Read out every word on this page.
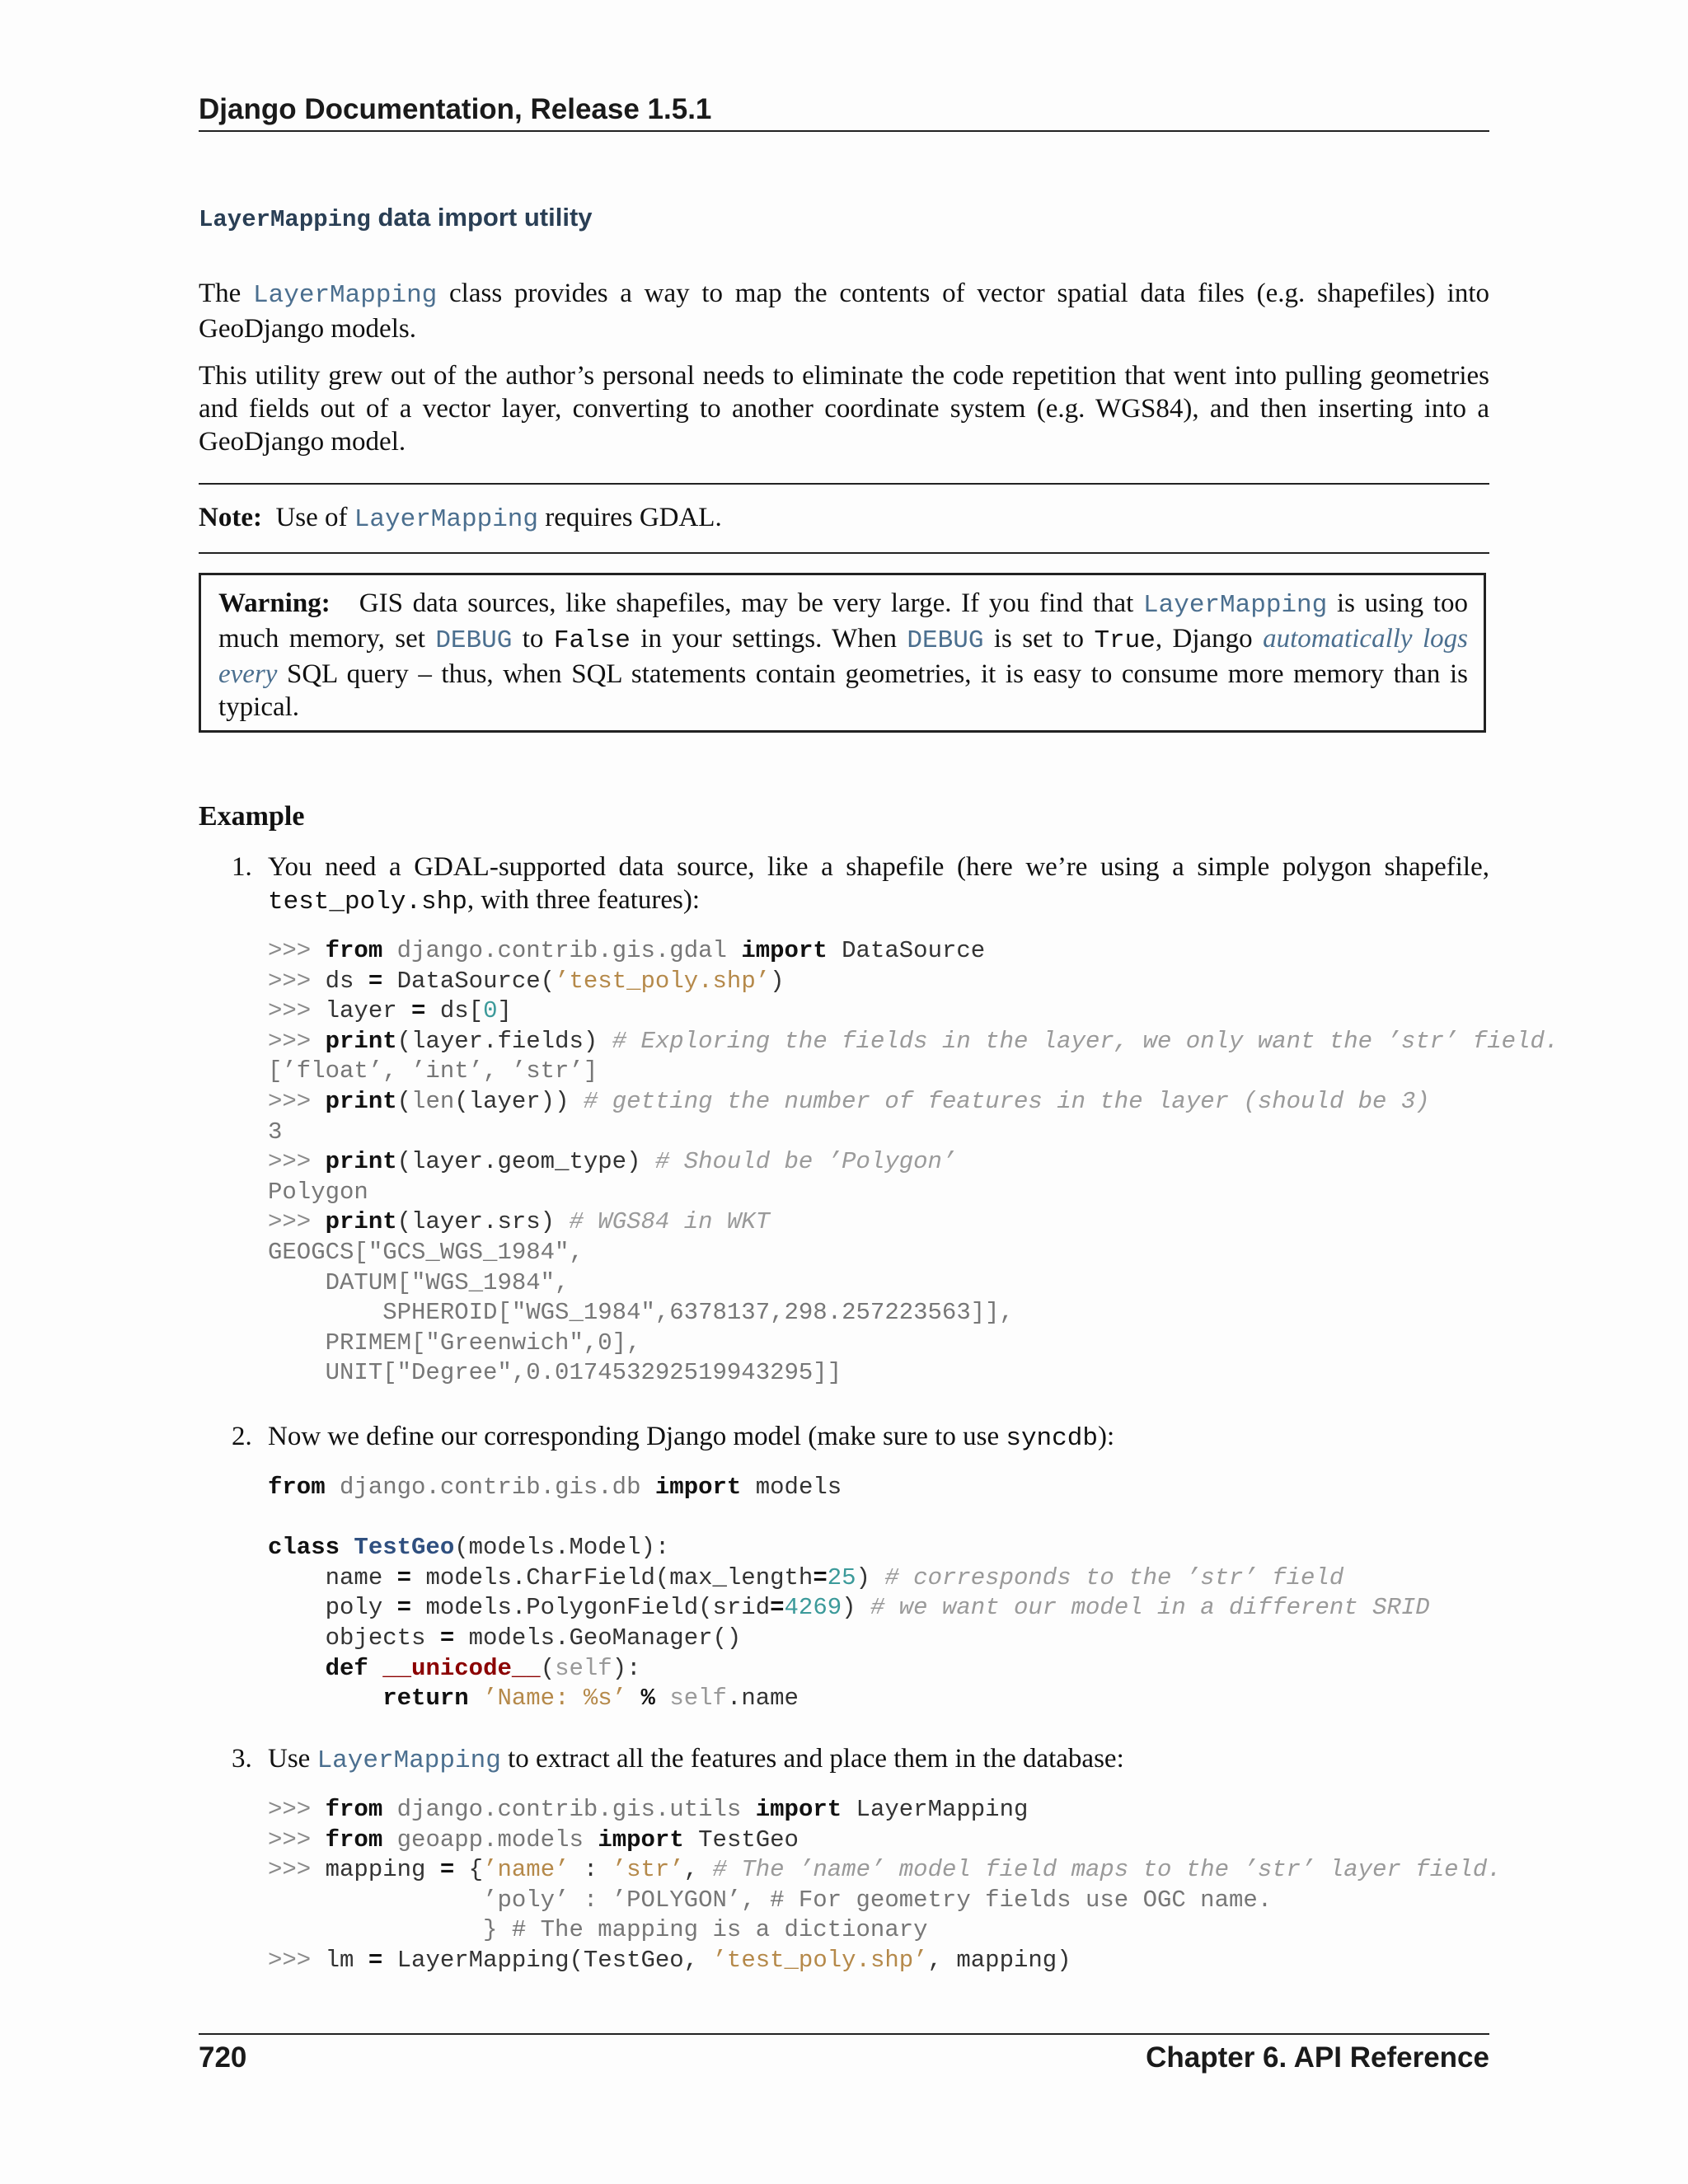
Django Documentation, Release 1.5.1
LayerMapping data import utility
The LayerMapping class provides a way to map the contents of vector spatial data files (e.g. shapefiles) into GeoDjango models.
This utility grew out of the author’s personal needs to eliminate the code repetition that went into pulling geometries and fields out of a vector layer, converting to another coordinate system (e.g. WGS84), and then inserting into a GeoDjango model.
Note: Use of LayerMapping requires GDAL.
Warning: GIS data sources, like shapefiles, may be very large. If you find that LayerMapping is using too much memory, set DEBUG to False in your settings. When DEBUG is set to True, Django automatically logs every SQL query – thus, when SQL statements contain geometries, it is easy to consume more memory than is typical.
Example
1. You need a GDAL-supported data source, like a shapefile (here we’re using a simple polygon shapefile, test_poly.shp, with three features):
>>> from django.contrib.gis.gdal import DataSource
>>> ds = DataSource(’test_poly.shp’)
>>> layer = ds[0]
>>> print(layer.fields) # Exploring the fields in the layer, we only want the ’str’ field.
[’float’, ’int’, ’str’]
>>> print(len(layer)) # getting the number of features in the layer (should be 3)
3
>>> print(layer.geom_type) # Should be ’Polygon’
Polygon
>>> print(layer.srs) # WGS84 in WKT
GEOGCS["GCS_WGS_1984",
DATUM["WGS_1984",
SPHEROID["WGS_1984",6378137,298.257223563]],
PRIMEM["Greenwich",0],
UNIT["Degree",0.017453292519943295]]
2. Now we define our corresponding Django model (make sure to use syncdb):
from django.contrib.gis.db import models

class TestGeo(models.Model):
name = models.CharField(max_length=25) # corresponds to the ’str’ field
poly = models.PolygonField(srid=4269) # we want our model in a different SRID
objects = models.GeoManager()
def __unicode__(self):
return ’Name: %s’ % self.name
3. Use LayerMapping to extract all the features and place them in the database:
>>> from django.contrib.gis.utils import LayerMapping
>>> from geoapp.models import TestGeo
>>> mapping = {’name’ : ’str’, # The ’name’ model field maps to the ’str’ layer field.
’poly’ : ’POLYGON’, # For geometry fields use OGC name.
} # The mapping is a dictionary
>>> lm = LayerMapping(TestGeo, ’test_poly.shp’, mapping)
720	Chapter 6. API Reference
